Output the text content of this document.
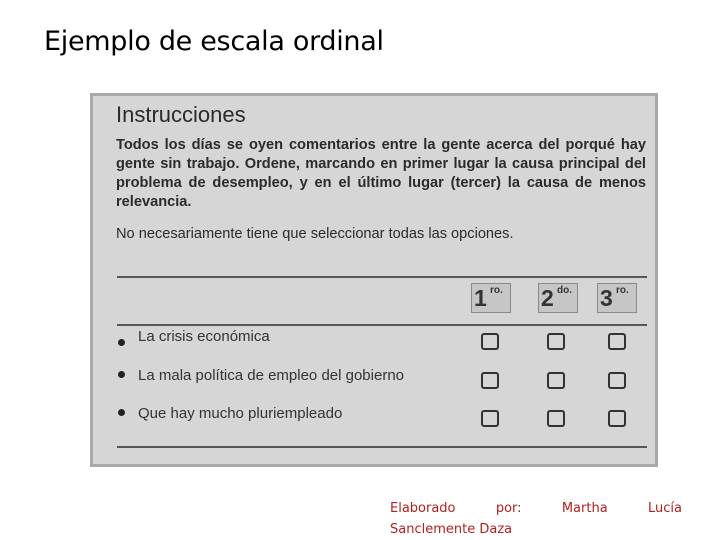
Ejemplo de escala ordinal
Instrucciones
Todos los días se oyen comentarios entre la gente acerca del porqué hay gente sin trabajo. Ordene, marcando en primer lugar la causa principal del problema de desempleo, y en el último lugar (tercer) la causa de menos relevancia.
No necesariamente tiene que seleccionar todas las opciones.
1 ro. 2 do. 3 ro.
La crisis económica
La mala política de empleo del gobierno
Que hay mucho pluriempleado
Elaborado	por:	Martha	Lucía
Sanclemente Daza
